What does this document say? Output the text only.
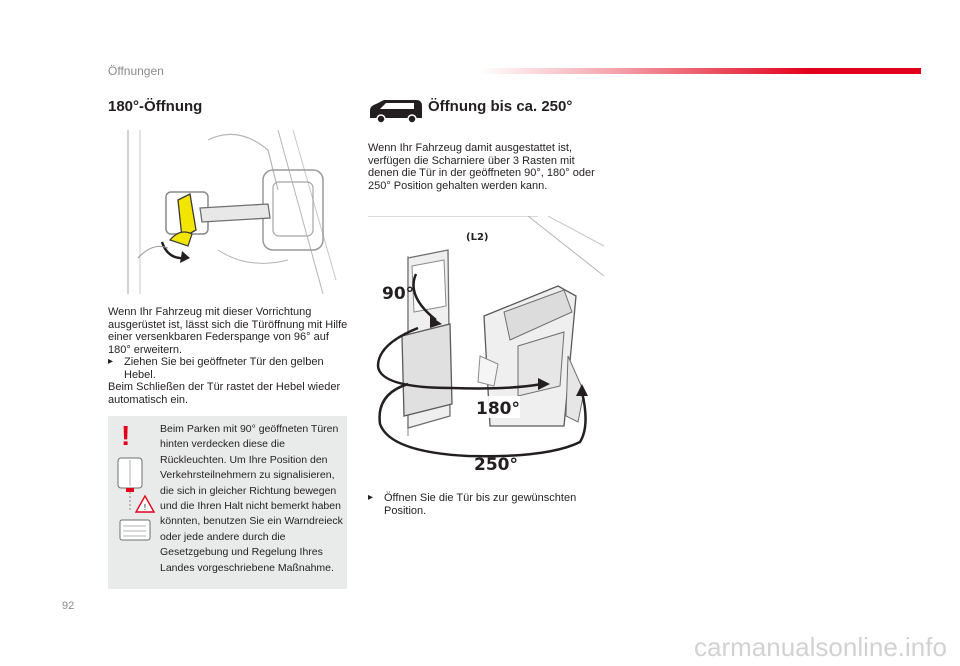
Öffnungen
180°-Öffnung

Wenn Ihr Fahrzeug mit dieser Vorrichtung ausgerüstet ist, lässt sich die Türöffnung mit Hilfe einer versenkbaren Federspange von 96° auf 180° erweitern.

▸ Ziehen Sie bei geöffneter Tür den gelben Hebel.

Beim Schließen der Tür rastet der Hebel wieder automatisch ein.

!
!
Beim Parken mit 90° geöffneten Türen hinten verdecken diese die Rückleuchten. Um Ihre Position den Verkehrsteilnehmern zu signalisieren, die sich in gleicher Richtung bewegen und die Ihren Halt nicht bemerkt haben könnten, benutzen Sie ein Warndreieck oder jede andere durch die Gesetzgebung und Regelung Ihres Landes vorgeschriebene Maßnahme.
Öffnung bis ca. 250°
Wenn Ihr Fahrzeug damit ausgestattet ist, verfügen die Scharniere über 3 Rasten mit denen die Tür in der geöffneten 90°, 180° oder 250° Position gehalten werden kann.
(L2)
90°
180°
250°
▸ Öffnen Sie die Tür bis zur gewünschten Position.
92
carmanualsonline.info
